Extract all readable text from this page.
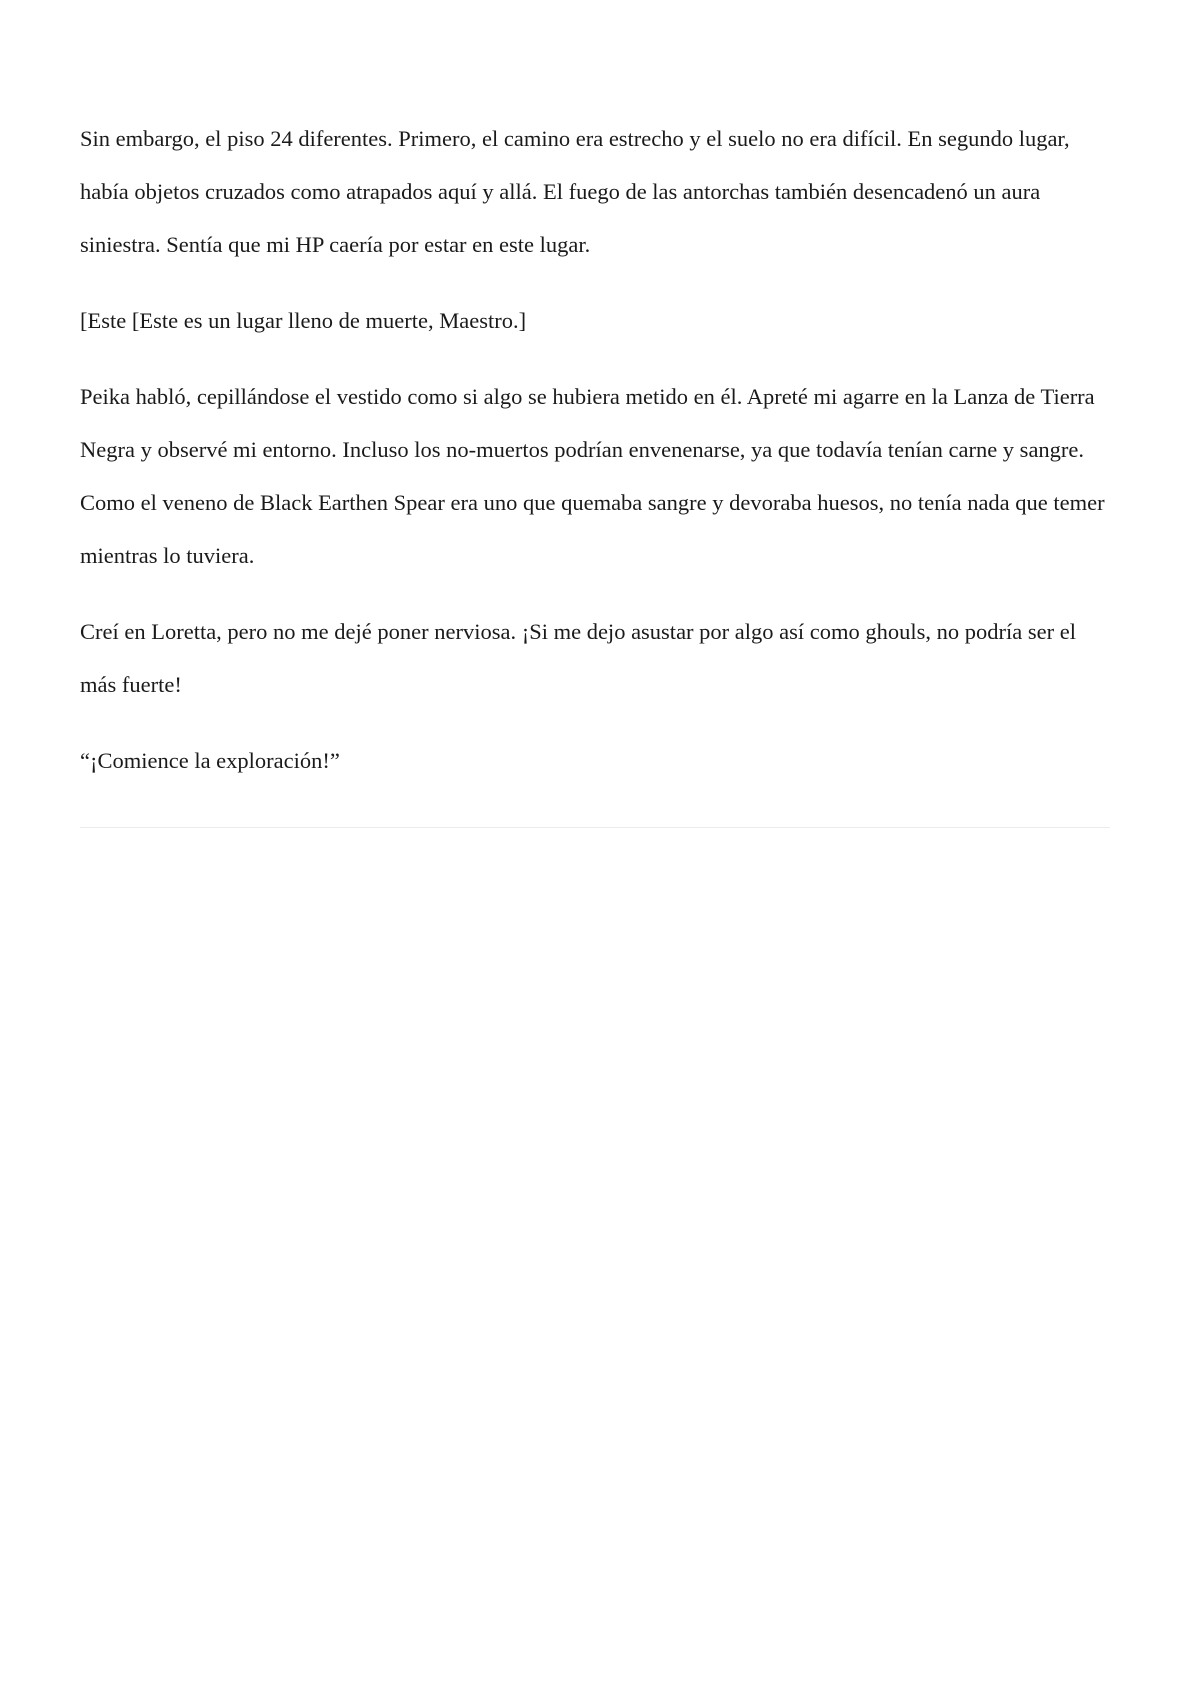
Sin embargo, el piso 24 diferentes. Primero, el camino era estrecho y el suelo no era difícil. En segundo lugar, había objetos cruzados como atrapados aquí y allá. El fuego de las antorchas también desencadenó un aura siniestra. Sentía que mi HP caería por estar en este lugar.

[Este [Este es un lugar lleno de muerte, Maestro.]

Peika habló, cepillándose el vestido como si algo se hubiera metido en él. Apreté mi agarre en la Lanza de Tierra Negra y observé mi entorno. Incluso los no-muertos podrían envenenarse, ya que todavía tenían carne y sangre. Como el veneno de Black Earthen Spear era uno que quemaba sangre y devoraba huesos, no tenía nada que temer mientras lo tuviera.

Creí en Loretta, pero no me dejé poner nerviosa. ¡Si me dejo asustar por algo así como ghouls, no podría ser el más fuerte!

“¡Comience la exploración!”
